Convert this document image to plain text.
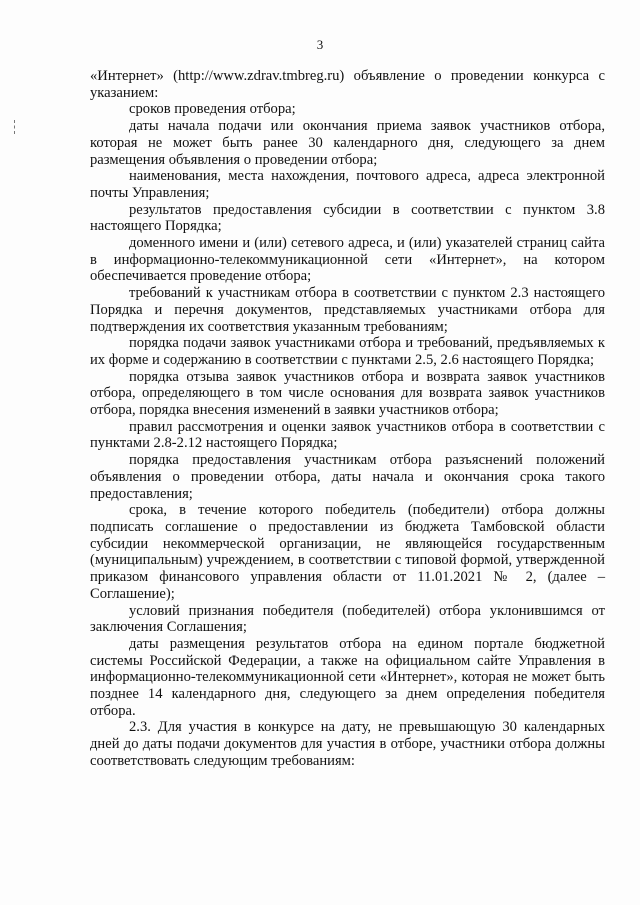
3

«Интернет» (http://www.zdrav.tmbreg.ru) объявление о проведении конкурса с указанием:

сроков проведения отбора;

даты начала подачи или окончания приема заявок участников отбора, которая не может быть ранее 30 календарного дня, следующего за днем размещения объявления о проведении отбора;

наименования, места нахождения, почтового адреса, адреса электронной почты Управления;

результатов предоставления субсидии в соответствии с пунктом 3.8 настоящего Порядка;

доменного имени и (или) сетевого адреса, и (или) указателей страниц сайта в информационно-телекоммуникационной сети «Интернет», на котором обеспечивается проведение отбора;

требований к участникам отбора в соответствии с пунктом 2.3 настоящего Порядка и перечня документов, представляемых участниками отбора для подтверждения их соответствия указанным требованиям;

порядка подачи заявок участниками отбора и требований, предъявляемых к их форме и содержанию в соответствии с пунктами 2.5, 2.6 настоящего Порядка;

порядка отзыва заявок участников отбора и возврата заявок участников отбора, определяющего в том числе основания для возврата заявок участников отбора, порядка внесения изменений в заявки участников отбора;

правил рассмотрения и оценки заявок участников отбора в соответствии с пунктами 2.8-2.12 настоящего Порядка;

порядка предоставления участникам отбора разъяснений положений объявления о проведении отбора, даты начала и окончания срока такого предоставления;

срока, в течение которого победитель (победители) отбора должны подписать соглашение о предоставлении из бюджета Тамбовской области субсидии некоммерческой организации, не являющейся государственным (муниципальным) учреждением, в соответствии с типовой формой, утвержденной приказом финансового управления области от 11.01.2021 № 2, (далее – Соглашение);

условий признания победителя (победителей) отбора уклонившимся от заключения Соглашения;

даты размещения результатов отбора на едином портале бюджетной системы Российской Федерации, а также на официальном сайте Управления в информационно-телекоммуникационной сети «Интернет», которая не может быть позднее 14 календарного дня, следующего за днем определения победителя отбора.

2.3. Для участия в конкурсе на дату, не превышающую 30 календарных дней до даты подачи документов для участия в отборе, участники отбора должны соответствовать следующим требованиям:
